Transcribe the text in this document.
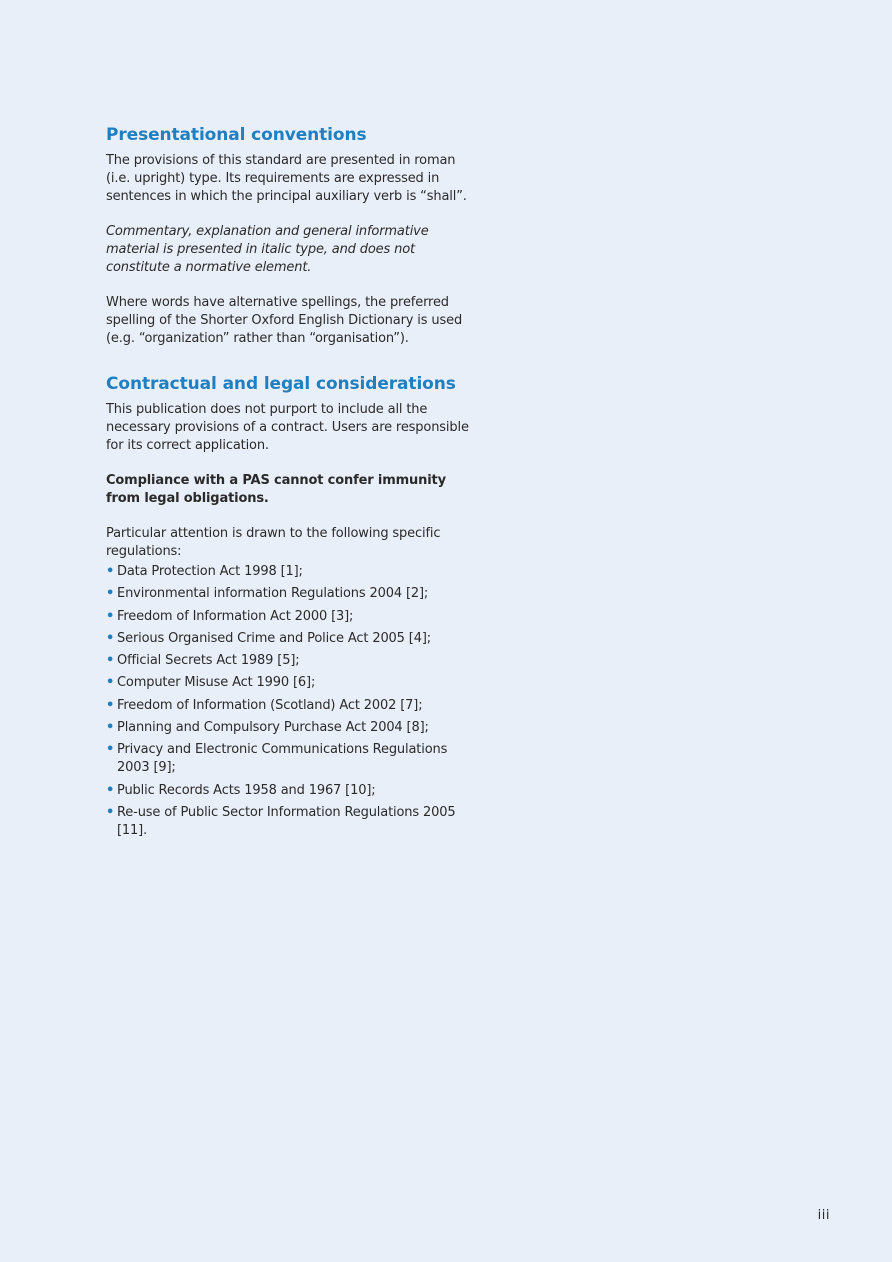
Presentational conventions

The provisions of this standard are presented in roman (i.e. upright) type. Its requirements are expressed in sentences in which the principal auxiliary verb is “shall”.

Commentary, explanation and general informative material is presented in italic type, and does not constitute a normative element.

Where words have alternative spellings, the preferred spelling of the Shorter Oxford English Dictionary is used (e.g. “organization” rather than “organisation”).

Contractual and legal considerations

This publication does not purport to include all the necessary provisions of a contract. Users are responsible for its correct application.

Compliance with a PAS cannot confer immunity from legal obligations.

Particular attention is drawn to the following specific regulations:

• Data Protection Act 1998 [1];
• Environmental information Regulations 2004 [2];
• Freedom of Information Act 2000 [3];
• Serious Organised Crime and Police Act 2005 [4];
• Official Secrets Act 1989 [5];
• Computer Misuse Act 1990 [6];
• Freedom of Information (Scotland) Act 2002 [7];
• Planning and Compulsory Purchase Act 2004 [8];
• Privacy and Electronic Communications Regulations 2003 [9];
• Public Records Acts 1958 and 1967 [10];
• Re-use of Public Sector Information Regulations 2005 [11].
iii
